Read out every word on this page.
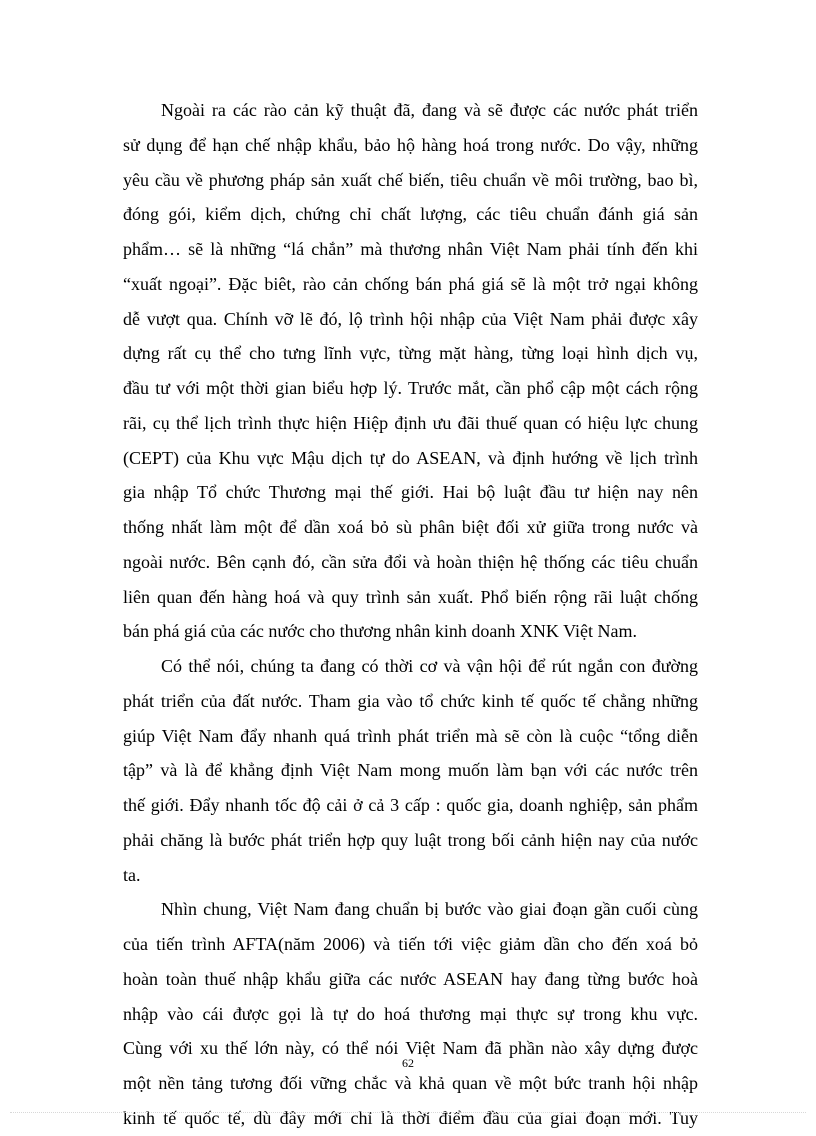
Ngoài ra các rào cản kỹ thuật đã, đang và sẽ được các nước phát triển
sử dụng để hạn chế nhập khẩu, bảo hộ hàng hoá trong nước. Do vậy, những
yêu cầu về phương pháp sản xuất chế biến, tiêu chuẩn về môi trường, bao bì,
đóng gói, kiểm dịch, chứng chỉ chất lượng, các tiêu chuẩn đánh giá sản
phẩm… sẽ là những “lá chắn” mà thương nhân Việt Nam phải tính đến khi
“xuất ngoại”. Đặc biêt, rào cản chống bán phá giá sẽ là một trở ngại không
dễ vượt qua. Chính vỡ lẽ đó, lộ trình hội nhập của Việt Nam phải được xây
dựng rất cụ thể cho tưng lĩnh vực, từng mặt hàng, từng loại hình dịch vụ,
đầu tư với một thời gian biểu hợp lý. Trước mắt, cần phổ cập một cách rộng
rãi, cụ thể lịch trình thực hiện Hiệp định ưu đãi thuế quan có hiệu lực chung
(CEPT) của Khu vực Mậu dịch tự do ASEAN, và định hướng về lịch trình
gia nhập Tổ chức Thương mại thế giới. Hai bộ luật đầu tư hiện nay nên
thống nhất làm một để dần xoá bỏ sù phân biệt đối xử giữa trong nước và
ngoài nước. Bên cạnh đó, cần sửa đổi và hoàn thiện hệ thống các tiêu chuẩn
liên quan đến hàng hoá và quy trình sản xuất. Phổ biến rộng rãi luật chống
bán phá giá của các nước cho thương nhân kinh doanh XNK Việt Nam.
Có thể nói, chúng ta đang có thời cơ và vận hội để rút ngắn con đường
phát triển của đất nước. Tham gia vào tổ chức kinh tế quốc tế chẳng những
giúp Việt Nam đẩy nhanh quá trình phát triển mà sẽ còn là cuộc “tổng diễn
tập” và là để khẳng định Việt Nam mong muốn làm bạn với các nước trên
thế giới. Đẩy nhanh tốc độ cải ở cả 3 cấp : quốc gia, doanh nghiệp, sản phẩm
phải chăng là bước phát triển hợp quy luật trong bối cảnh hiện nay của nước
ta.
Nhìn chung, Việt Nam đang chuẩn bị bước vào giai đoạn gần cuối cùng
của tiến trình AFTA(năm 2006) và tiến tới việc giảm dần cho đến xoá bỏ
hoàn toàn thuế nhập khẩu giữa các nước ASEAN hay đang từng bước hoà
nhập vào cái được gọi là tự do hoá thương mại thực sự trong khu vực.
Cùng với xu thế lớn này, có thể nói Việt Nam đã phần nào xây dựng được
một nền tảng tương đối vững chắc và khả quan về một bức tranh hội nhập
kinh tế quốc tế, dù đây mới chỉ là thời điểm đầu của giai đoạn mới. Tuy
62
